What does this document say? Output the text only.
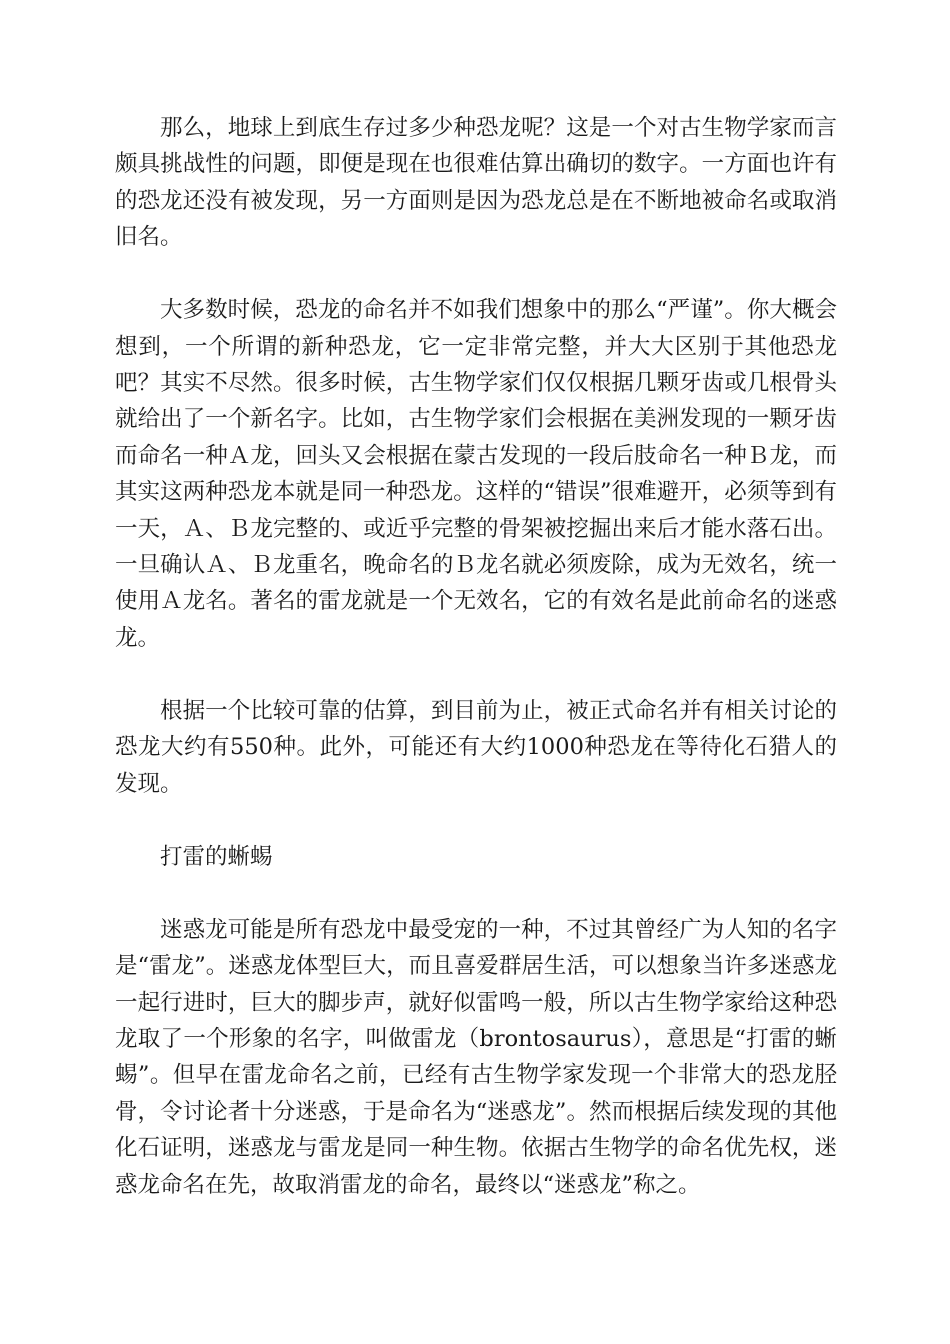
那么，地球上到底生存过多少种恐龙呢？这是一个对古生物学家而言颇具挑战性的问题，即便是现在也很难估算出确切的数字。一方面也许有的恐龙还没有被发现，另一方面则是因为恐龙总是在不断地被命名或取消旧名。

大多数时候，恐龙的命名并不如我们想象中的那么“严谨”。你大概会想到，一个所谓的新种恐龙，它一定非常完整，并大大区别于其他恐龙吧？其实不尽然。很多时候，古生物学家们仅仅根据几颗牙齿或几根骨头就给出了一个新名字。比如，古生物学家们会根据在美洲发现的一颗牙齿而命名一种Ａ龙，回头又会根据在蒙古发现的一段后肢命名一种Ｂ龙，而其实这两种恐龙本就是同一种恐龙。这样的“错误”很难避开，必须等到有一天，Ａ、Ｂ龙完整的、或近乎完整的骨架被挖掘出来后才能水落石出。一旦确认Ａ、Ｂ龙重名，晚命名的Ｂ龙名就必须废除，成为无效名，统一使用Ａ龙名。著名的雷龙就是一个无效名，它的有效名是此前命名的迷惑龙。

根据一个比较可靠的估算，到目前为止，被正式命名并有相关讨论的恐龙大约有550种。此外，可能还有大约1000种恐龙在等待化石猎人的发现。

打雷的蜥蜴

迷惑龙可能是所有恐龙中最受宠的一种，不过其曾经广为人知的名字是“雷龙”。迷惑龙体型巨大，而且喜爱群居生活，可以想象当许多迷惑龙一起行进时，巨大的脚步声，就好似雷鸣一般，所以古生物学家给这种恐龙取了一个形象的名字，叫做雷龙（brontosaurus），意思是“打雷的蜥蜴”。但早在雷龙命名之前，已经有古生物学家发现一个非常大的恐龙胫骨，令讨论者十分迷惑，于是命名为“迷惑龙”。然而根据后续发现的其他化石证明，迷惑龙与雷龙是同一种生物。依据古生物学的命名优先权，迷惑龙命名在先，故取消雷龙的命名，最终以“迷惑龙”称之。
